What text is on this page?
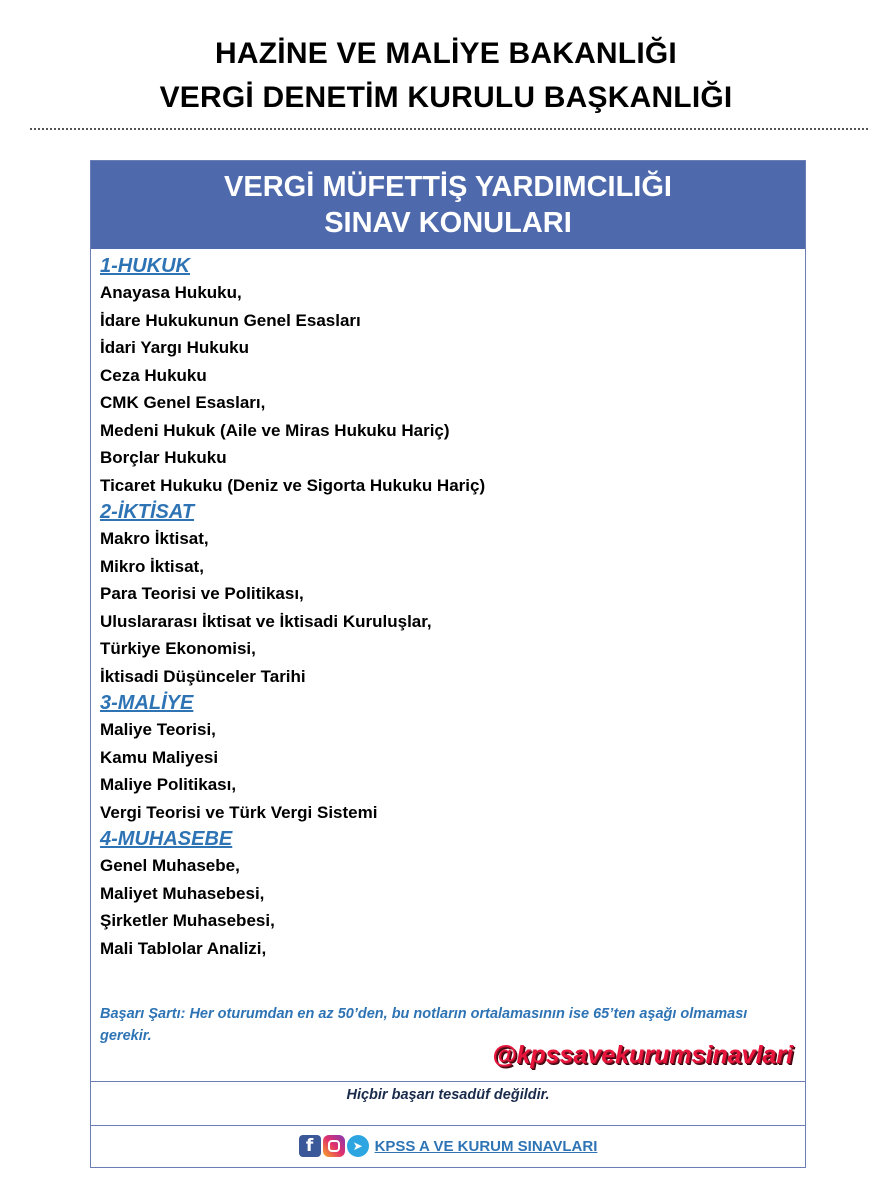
HAZİNE VE MALİYE BAKANLIĞI
VERGİ DENETİM KURULU BAŞKANLIĞI
VERGİ MÜFETTİŞ YARDIMCILIĞI
SINAV KONULARI
1-HUKUK
Anayasa Hukuku,
İdare Hukukunun Genel Esasları
İdari Yargı Hukuku
Ceza Hukuku
CMK Genel Esasları,
Medeni Hukuk (Aile ve Miras Hukuku Hariç)
Borçlar Hukuku
Ticaret Hukuku (Deniz ve Sigorta Hukuku Hariç)
2-İKTİSAT
Makro İktisat,
Mikro İktisat,
Para Teorisi ve Politikası,
Uluslararası İktisat ve İktisadi Kuruluşlar,
Türkiye Ekonomisi,
İktisadi Düşünceler Tarihi
3-MALİYE
Maliye Teorisi,
Kamu Maliyesi
Maliye Politikası,
Vergi Teorisi ve Türk Vergi Sistemi
4-MUHASEBE
Genel Muhasebe,
Maliyet Muhasebesi,
Şirketler Muhasebesi,
Mali Tablolar Analizi,
Başarı Şartı: Her oturumdan en az 50’den, bu notların ortalamasının ise 65’ten aşağı olmaması gerekir.
@kpssavekurumsinavlari
Hiçbir başarı tesadüf değildir.
f	➤ KPSS A VE KURUM SINAVLARI
